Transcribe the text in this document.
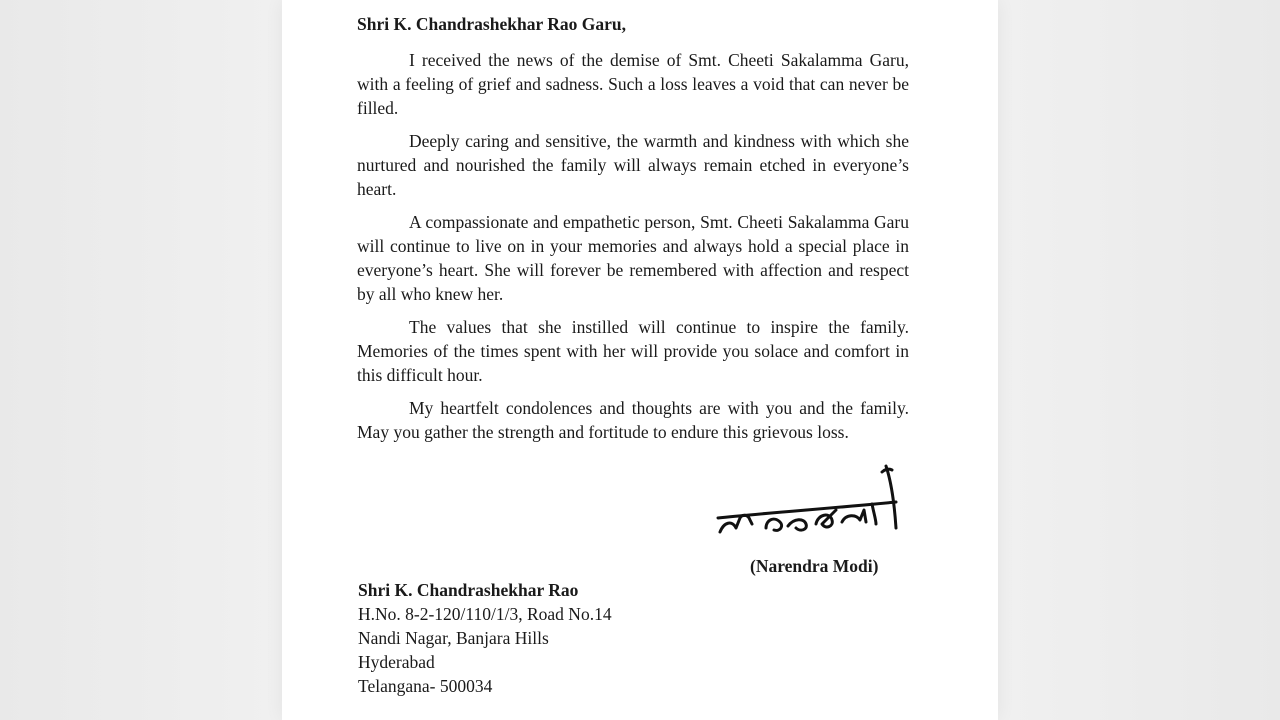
Shri K. Chandrashekhar Rao Garu,

I received the news of the demise of Smt. Cheeti Sakalamma Garu, with a feeling of grief and sadness. Such a loss leaves a void that can never be filled.

Deeply caring and sensitive, the warmth and kindness with which she nurtured and nourished the family will always remain etched in everyone’s heart.

A compassionate and empathetic person, Smt. Cheeti Sakalamma Garu will continue to live on in your memories and always hold a special place in everyone’s heart. She will forever be remembered with affection and respect by all who knew her.

The values that she instilled will continue to inspire the family. Memories of the times spent with her will provide you solace and comfort in this difficult hour.

My heartfelt condolences and thoughts are with you and the family. May you gather the strength and fortitude to endure this grievous loss.

(Narendra Modi)

Shri K. Chandrashekhar Rao
H.No. 8-2-120/110/1/3, Road No.14
Nandi Nagar, Banjara Hills
Hyderabad
Telangana- 500034
